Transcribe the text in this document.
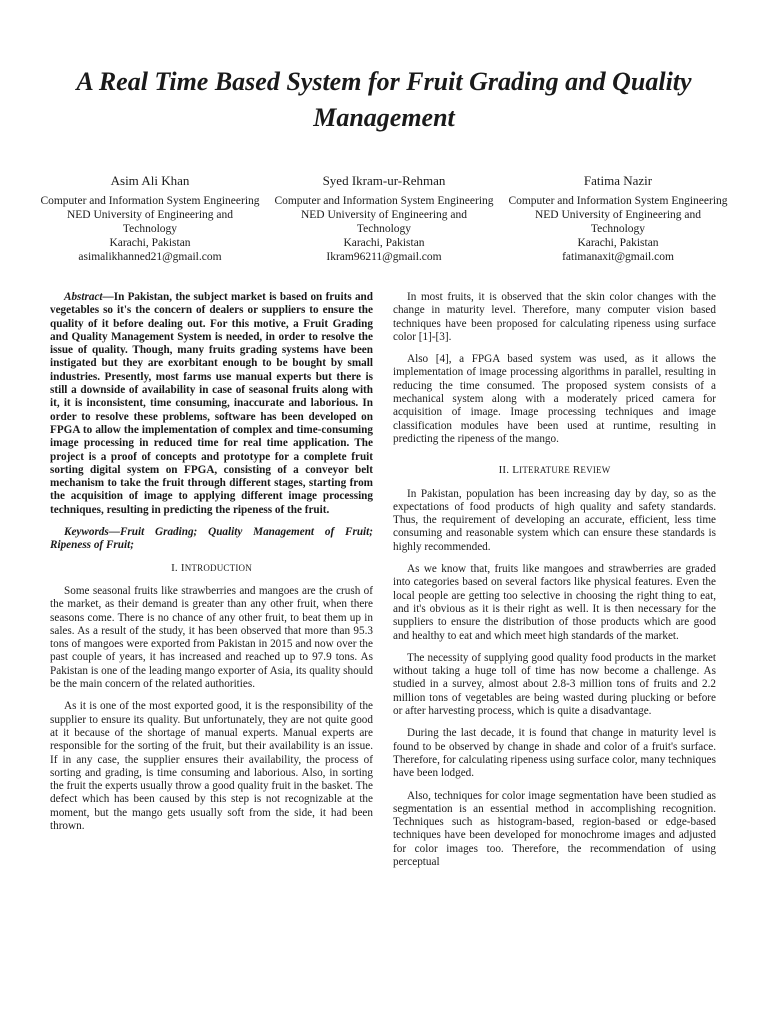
A Real Time Based System for Fruit Grading and Quality Management
Asim Ali Khan
Computer and Information System Engineering
NED University of Engineering and Technology
Karachi, Pakistan
asimalikhanned21@gmail.com
Syed Ikram-ur-Rehman
Computer and Information System Engineering
NED University of Engineering and Technology
Karachi, Pakistan
Ikram96211@gmail.com
Fatima Nazir
Computer and Information System Engineering
NED University of Engineering and Technology
Karachi, Pakistan
fatimanaxit@gmail.com

Abstract—In Pakistan, the subject market is based on fruits and vegetables so it's the concern of dealers or suppliers to ensure the quality of it before dealing out. For this motive, a Fruit Grading and Quality Management System is needed, in order to resolve the issue of quality. Though, many fruits grading systems have been instigated but they are exorbitant enough to be bought by small industries. Presently, most farms use manual experts but there is still a downside of availability in case of seasonal fruits along with it, it is inconsistent, time consuming, inaccurate and laborious. In order to resolve these problems, software has been developed on FPGA to allow the implementation of complex and time-consuming image processing in reduced time for real time application. The project is a proof of concepts and prototype for a complete fruit sorting digital system on FPGA, consisting of a conveyor belt mechanism to take the fruit through different stages, starting from the acquisition of image to applying different image processing techniques, resulting in predicting the ripeness of the fruit.

Keywords—Fruit Grading; Quality Management of Fruit; Ripeness of Fruit;

I. INTRODUCTION

Some seasonal fruits like strawberries and mangoes are the crush of the market, as their demand is greater than any other fruit, when there seasons come. There is no chance of any other fruit, to beat them up in sales. As a result of the study, it has been observed that more than 95.3 tons of mangoes were exported from Pakistan in 2015 and now over the past couple of years, it has increased and reached up to 97.9 tons. As Pakistan is one of the leading mango exporter of Asia, its quality should be the main concern of the related authorities.

As it is one of the most exported good, it is the responsibility of the supplier to ensure its quality. But unfortunately, they are not quite good at it because of the shortage of manual experts. Manual experts are responsible for the sorting of the fruit, but their availability is an issue. If in any case, the supplier ensures their availability, the process of sorting and grading, is time consuming and laborious. Also, in sorting the fruit the experts usually throw a good quality fruit in the basket. The defect which has been caused by this step is not recognizable at the moment, but the mango gets usually soft from the side, it had been thrown.

In most fruits, it is observed that the skin color changes with the change in maturity level. Therefore, many computer vision based techniques have been proposed for calculating ripeness using surface color [1]-[3].

Also [4], a FPGA based system was used, as it allows the implementation of image processing algorithms in parallel, resulting in reducing the time consumed. The proposed system consists of a mechanical system along with a moderately priced camera for acquisition of image. Image processing techniques and image classification modules have been used at runtime, resulting in predicting the ripeness of the mango.

II. LITERATURE REVIEW

In Pakistan, population has been increasing day by day, so as the expectations of food products of high quality and safety standards. Thus, the requirement of developing an accurate, efficient, less time consuming and reasonable system which can ensure these standards is highly recommended.

As we know that, fruits like mangoes and strawberries are graded into categories based on several factors like physical features. Even the local people are getting too selective in choosing the right thing to eat, and it's obvious as it is their right as well. It is then necessary for the suppliers to ensure the distribution of those products which are good and healthy to eat and which meet high standards of the market.

The necessity of supplying good quality food products in the market without taking a huge toll of time has now become a challenge. As studied in a survey, almost about 2.8-3 million tons of fruits and 2.2 million tons of vegetables are being wasted during plucking or before or after harvesting process, which is quite a disadvantage.

During the last decade, it is found that change in maturity level is found to be observed by change in shade and color of a fruit's surface. Therefore, for calculating ripeness using surface color, many techniques have been lodged.

Also, techniques for color image segmentation have been studied as segmentation is an essential method in accomplishing recognition. Techniques such as histogram-based, region-based or edge-based techniques have been developed for monochrome images and adjusted for color images too. Therefore, the recommendation of using perceptual
